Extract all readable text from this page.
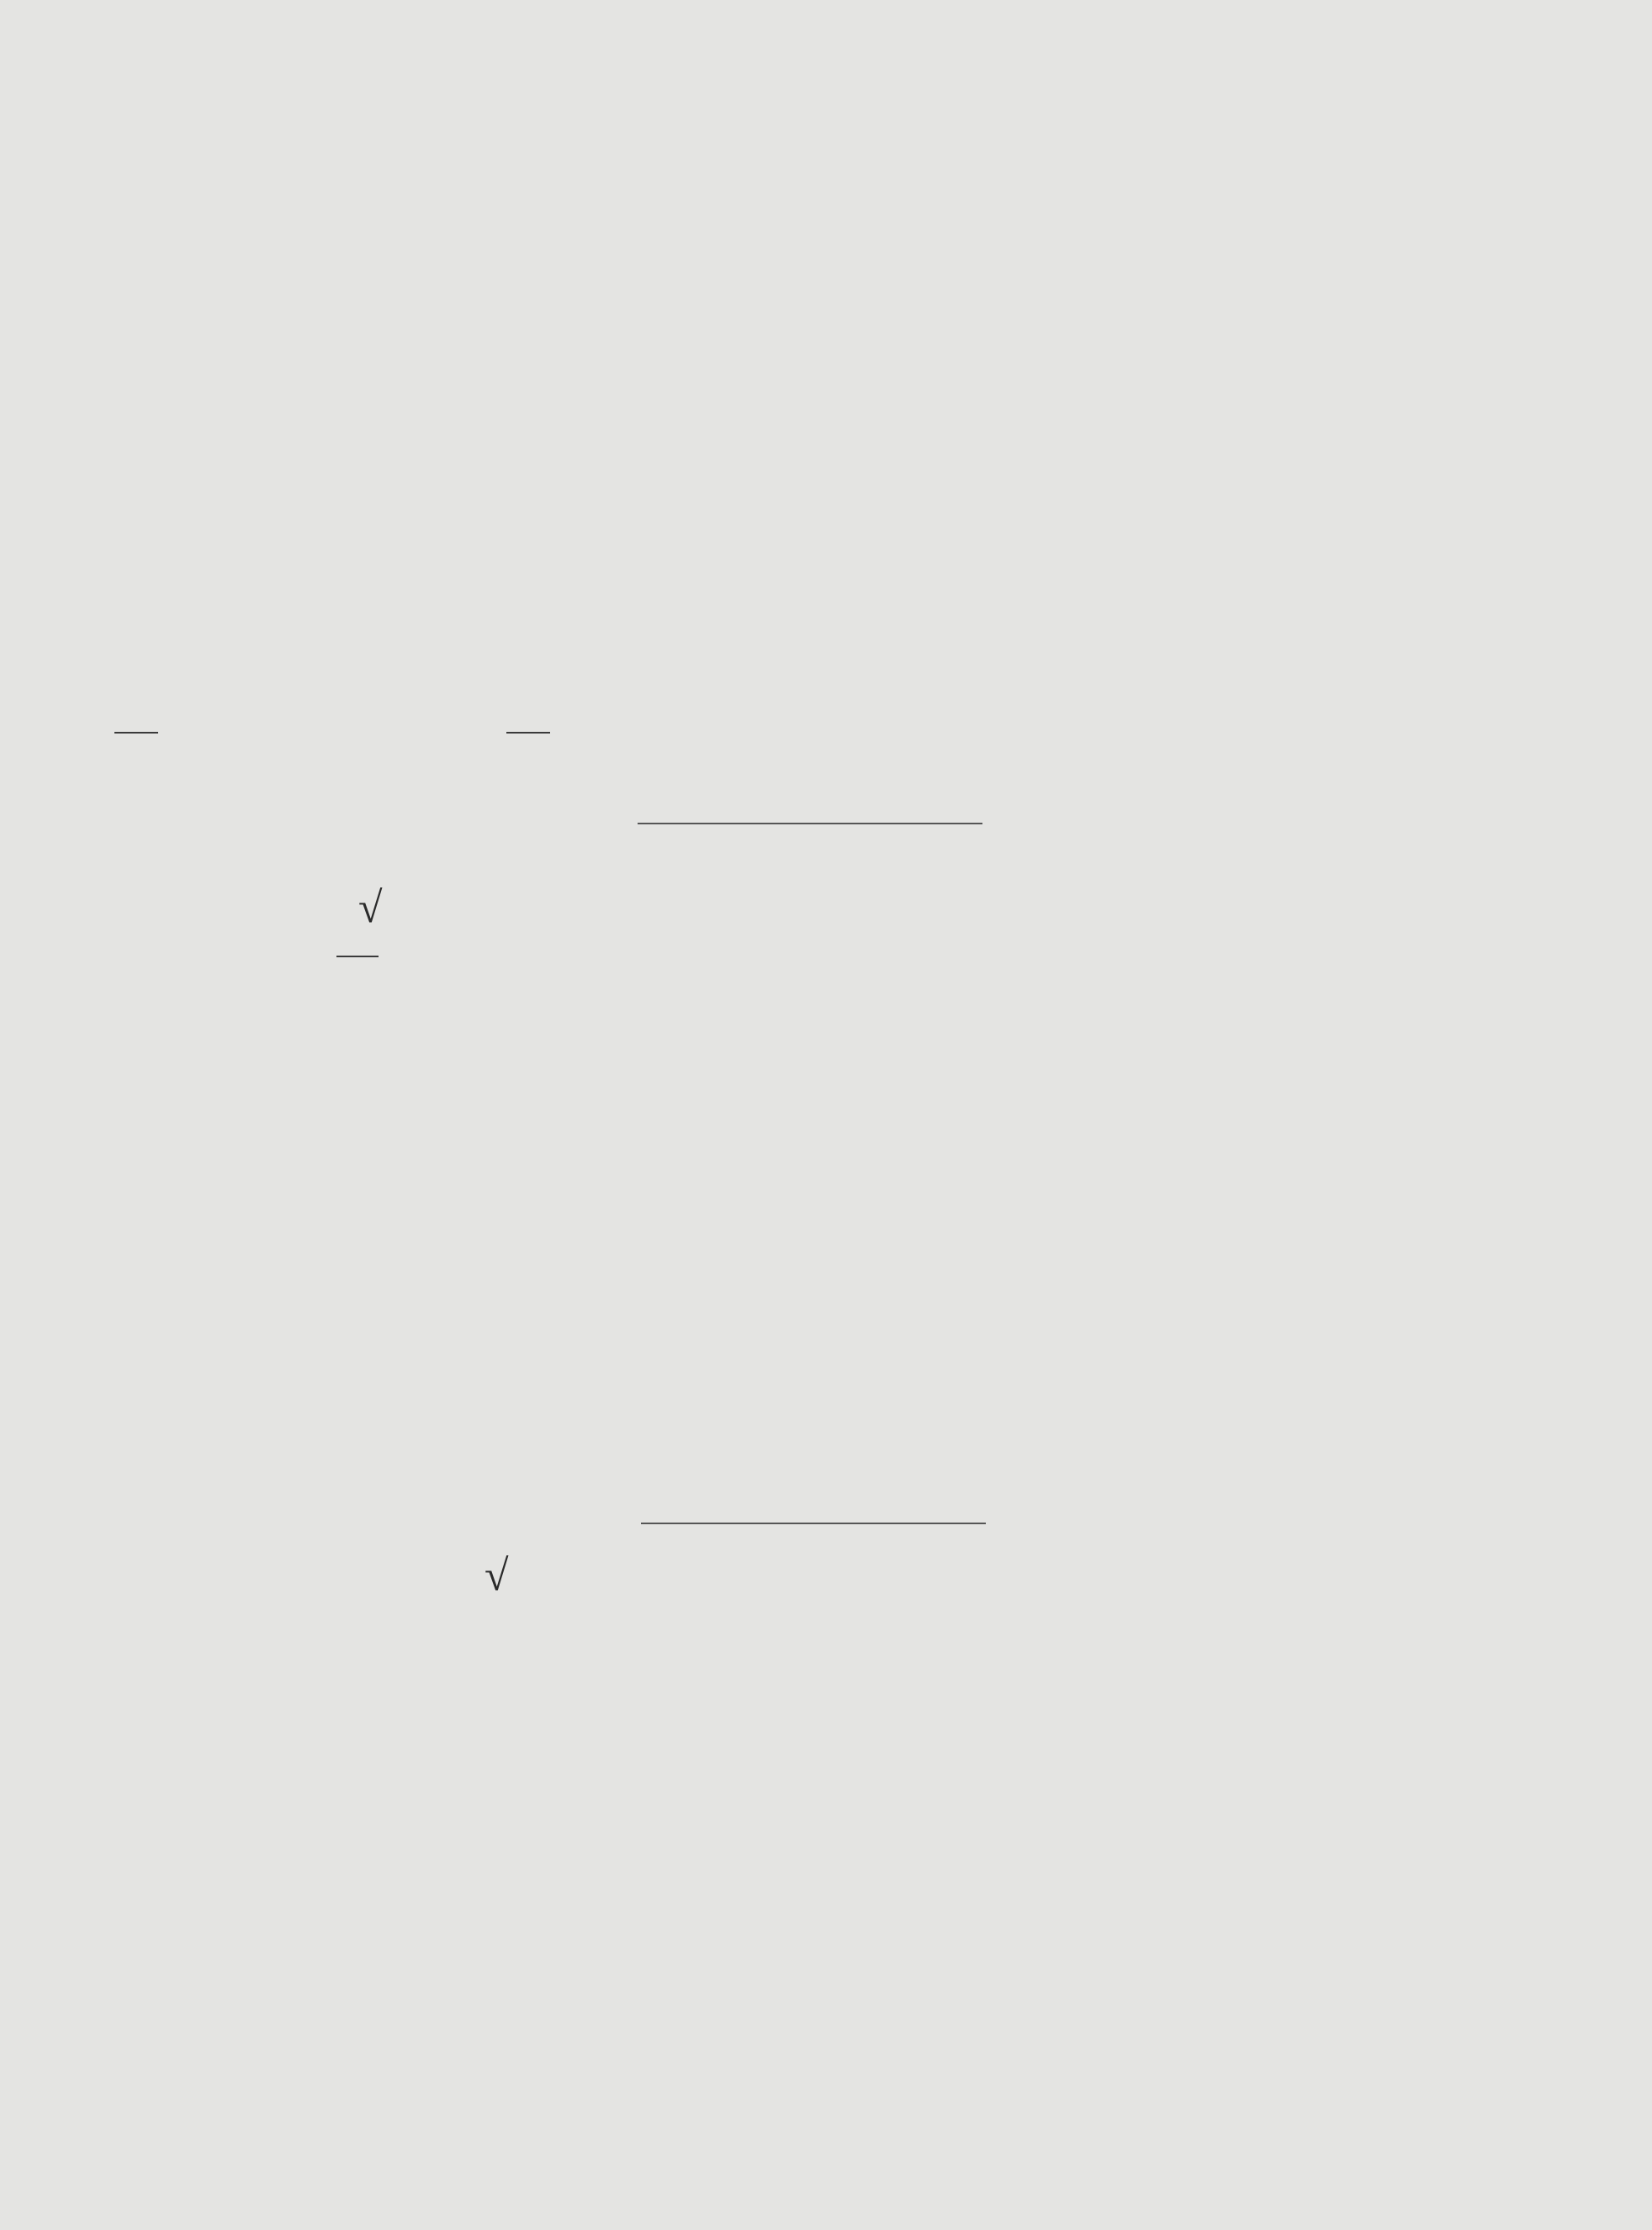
√
√
